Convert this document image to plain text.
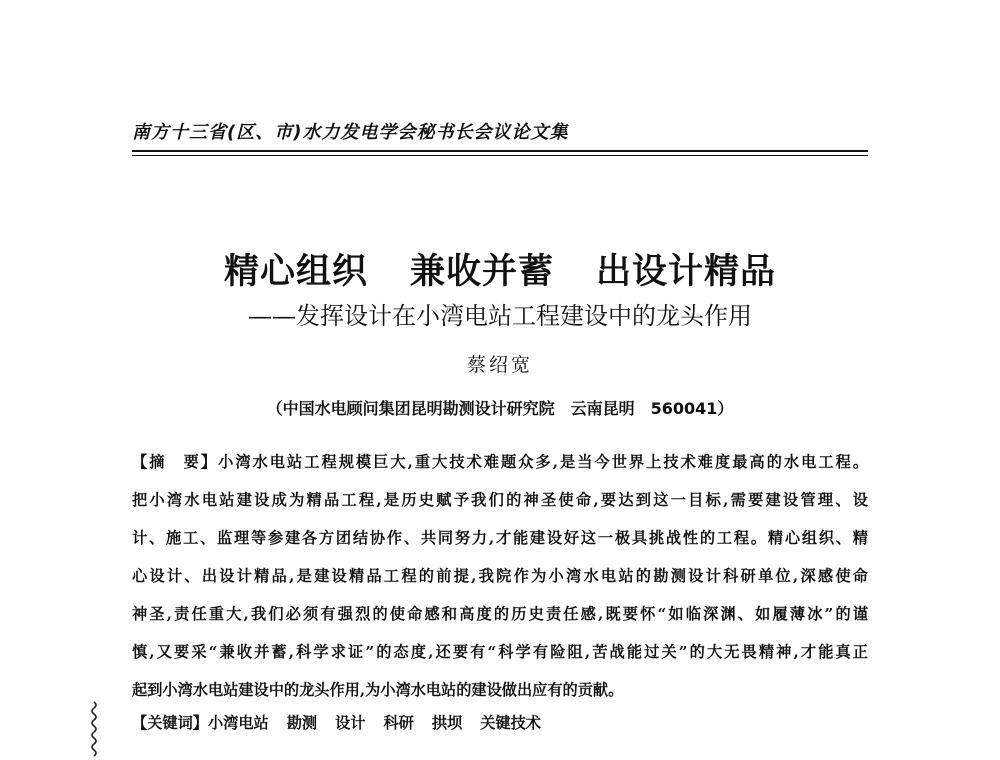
南方十三省(区、市)水力发电学会秘书长会议论文集
精心组织 兼收并蓄 出设计精品
——发挥设计在小湾电站工程建设中的龙头作用
蔡绍宽
（中国水电顾问集团昆明勘测设计研究院　云南昆明　560041）
【摘　要】小湾水电站工程规模巨大,重大技术难题众多,是当今世界上技术难度最高的水电工程。
把小湾水电站建设成为精品工程,是历史赋予我们的神圣使命,要达到这一目标,需要建设管理、设
计、施工、监理等参建各方团结协作、共同努力,才能建设好这一极具挑战性的工程。精心组织、精
心设计、出设计精品,是建设精品工程的前提,我院作为小湾水电站的勘测设计科研单位,深感使命
神圣,责任重大,我们必须有强烈的使命感和高度的历史责任感,既要怀“如临深渊、如履薄冰”的谨
慎,又要采“兼收并蓄,科学求证”的态度,还要有“科学有险阻,苦战能过关”的大无畏精神,才能真正
起到小湾水电站建设中的龙头作用,为小湾水电站的建设做出应有的贡献。
【关键词】小湾电站 勘测 设计 科研 拱坝 关键技术
